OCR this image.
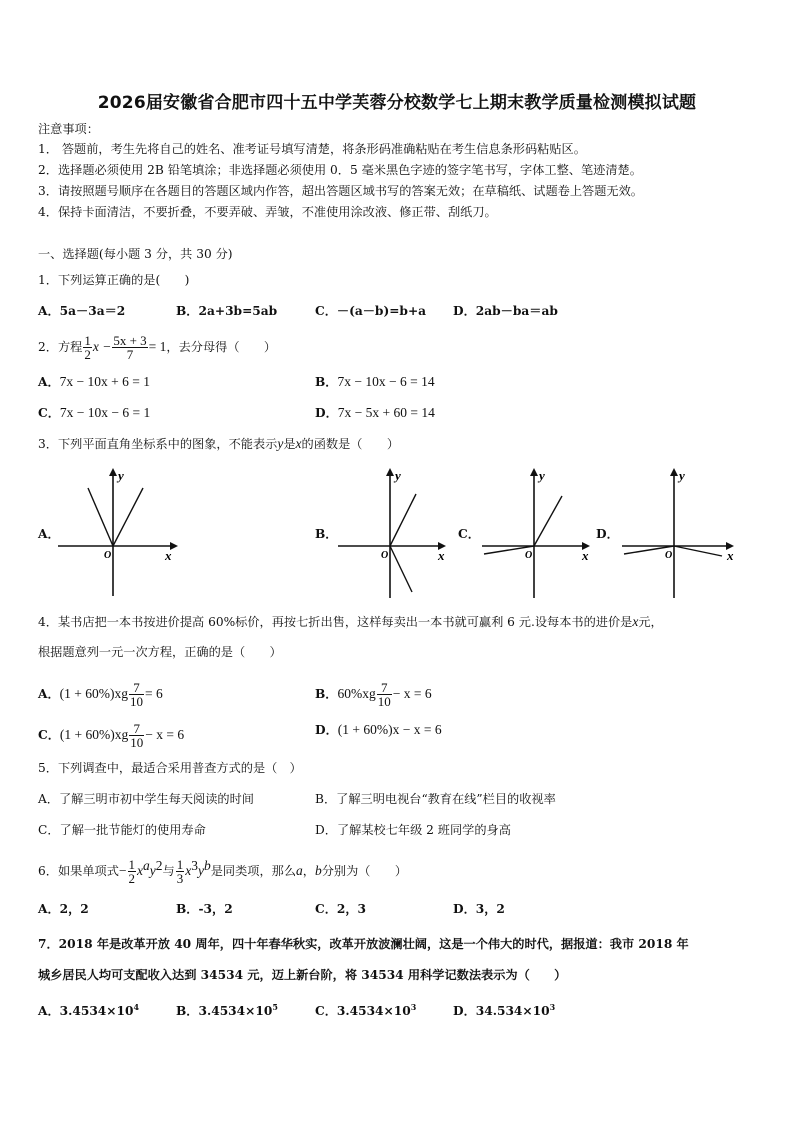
2026届安徽省合肥市四十五中学芙蓉分校数学七上期末教学质量检测模拟试题
注意事项：
1． 答题前，考生先将自己的姓名、准考证号填写清楚，将条形码准确粘贴在考生信息条形码粘贴区。
2．选择题必须使用 2B 铅笔填涂；非选择题必须使用 0．5 毫米黑色字迹的签字笔书写，字体工整、笔迹清楚。
3．请按照题号顺序在各题目的答题区域内作答，超出答题区域书写的答案无效；在草稿纸、试题卷上答题无效。
4．保持卡面清洁，不要折叠，不要弄破、弄皱，不准使用涂改液、修正带、刮纸刀。
一、选择题(每小题 3 分，共 30 分)
1．下列运算正确的是(　　)
A．5a－3a＝2	B．2a+3b=5ab	C．－(a－b)=b+a D．2ab－ba＝ab
2．方程 $\frac{1}{2}$ $x - \frac{5x + 3}{7} = 1$，去分母得（　　）
A．7x − 10x + 6 = 1	B．7x − 10x − 6 = 14
C．7x − 10x − 6 = 1	D．7x − 5x + 60 = 14
3．下列平面直角坐标系中的图象，不能表示y是x的函数是（　　）
A．	B．	C．	D．
y
x
O
y
x
O
y
x
O
y
x
O
4．某书店把一本书按进价提高 60%标价，再按七折出售，这样每卖出一本书就可赢利 6 元.设每本书的进价是x元，
根据题意列一元一次方程，正确的是（　　）
A．$(1 + 60\%)xg \frac{7}{10} = 6$	B．$60\%xg \frac{7}{10} - x = 6$
C．$(1 + 60\%)xg \frac{7}{10} - x = 6$	D．(1 + 60%)x − x = 6
5．下列调查中，最适合采用普查方式的是（　）
A．了解三明市初中学生每天阅读的时间	B．了解三明电视台“教育在线”栏目的收视率
C．了解一批节能灯的使用寿命	D．了解某校七年级 2 班同学的身高
6．如果单项式− $\frac{1}{2} x^ay^2$与 $\frac{1}{3} x^3y^b$是同类项，那么a，b分别为（　　）
A．2，2	B．-3，2	C．2，3	D．3，2
7．2018 年是改革开放 40 周年，四十年春华秋实，改革开放波澜壮阔，这是一个伟大的时代，据报道：我市 2018 年
城乡居民人均可支配收入达到 34534 元，迈上新台阶，将 34534 用科学记数法表示为（　　）
A．$3.4534\times 10^4$	B．$3.4534\times 10^5$	C．$3.4534\times 10^3$	D．$34.534\times 10^3$
